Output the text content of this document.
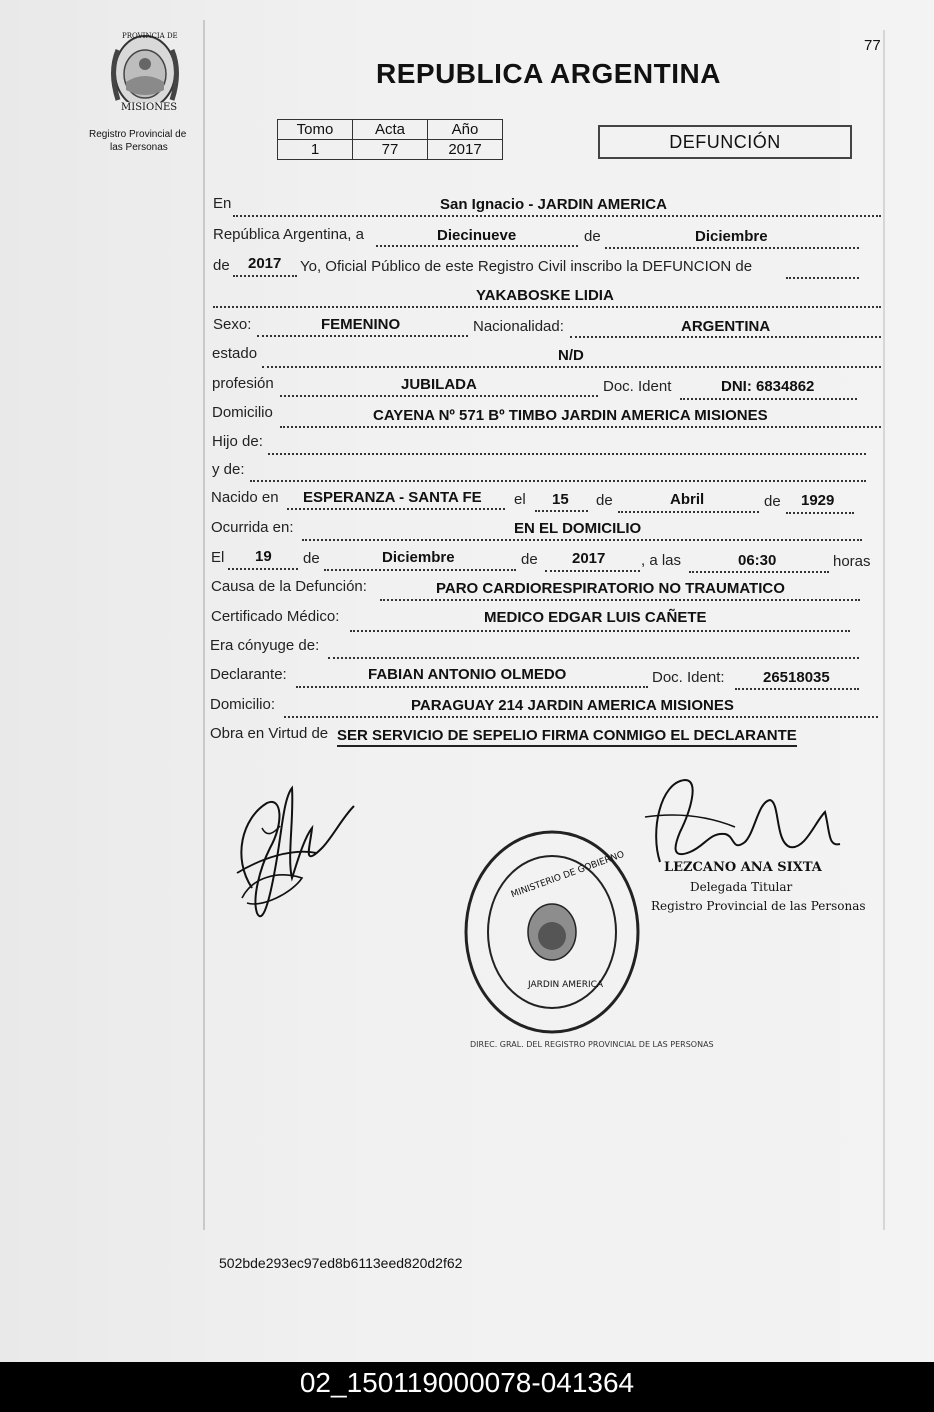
77
PROVINCIA DE
MISIONES
Registro Provincial de
las Personas
REPUBLICA ARGENTINA
Tomo	Acta	Año
1	77	2017	DEFUNCIÓN
En	San Ignacio - JARDIN AMERICA
República Argentina, a	Diecinueve	de	Diciembre
de 2017 Yo, Oficial Público de este Registro Civil inscribo la DEFUNCION de
YAKABOSKE LIDIA
Sexo:	FEMENINO	Nacionalidad:	ARGENTINA
estado	N/D
profesión	JUBILADA	Doc. Ident	DNI: 6834862
Domicilio	CAYENA Nº 571 Bº TIMBO JARDIN AMERICA MISIONES
Hijo de:
y de:
Nacido en ESPERANZA - SANTA FE el 15 de	Abril	de 1929
Ocurrida en:	EN EL DOMICILIO
El 19 de	Diciembre	de 2017 , a las	06:30	horas
Causa de la Defunción:	PARO CARDIORESPIRATORIO NO TRAUMATICO
Certificado Médico:	MEDICO EDGAR LUIS CAÑETE
Era cónyuge de:
Declarante:	FABIAN ANTONIO OLMEDO	Doc. Ident:	26518035
Domicilio:	PARAGUAY 214 JARDIN AMERICA MISIONES
Obra en Virtud de SER SERVICIO DE SEPELIO FIRMA CONMIGO EL DECLARANTE
MINISTERIO DE GOBIERNO
JARDIN AMERICA
DIREC. GRAL. DEL REGISTRO PROVINCIAL DE LAS PERSONAS
LEZCANO ANA SIXTA
Delegada Titular
Registro Provincial de las Personas
502bde293ec97ed8b6113eed820d2f62
02_150119000078-041364
